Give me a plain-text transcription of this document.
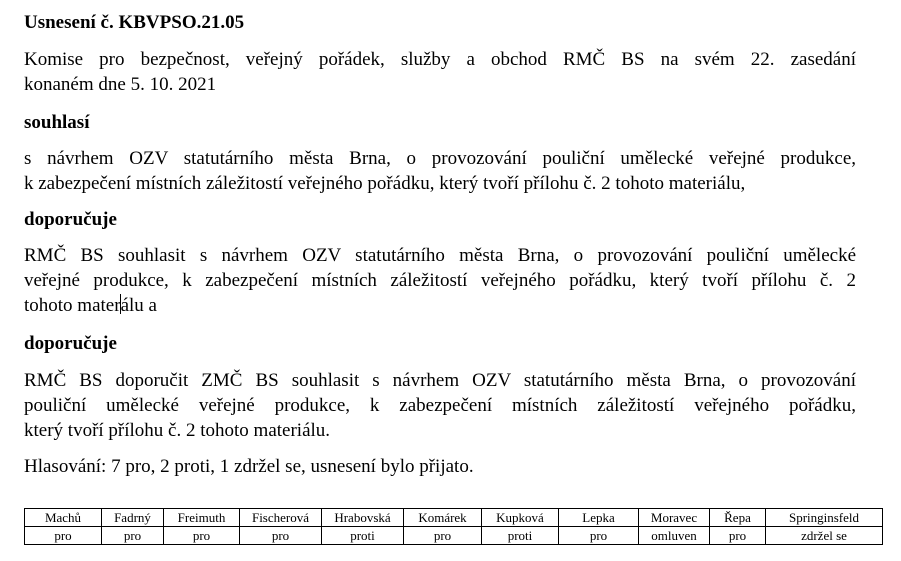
Usnesení č. KBVPSO.21.05
Komise pro bezpečnost, veřejný pořádek, služby a obchod RMČ BS na svém 22. zasedání
konaném dne 5. 10. 2021
souhlasí
s návrhem OZV statutárního města Brna, o provozování pouliční umělecké veřejné produkce,
k zabezpečení místních záležitostí veřejného pořádku, který tvoří přílohu č. 2 tohoto materiálu,
doporučuje
RMČ BS souhlasit s návrhem OZV statutárního města Brna, o provozování pouliční umělecké
veřejné produkce, k zabezpečení místních záležitostí veřejného pořádku, který tvoří přílohu č. 2
tohoto materálu a
doporučuje
RMČ BS doporučit ZMČ BS souhlasit s návrhem OZV statutárního města Brna, o provozování
pouliční umělecké veřejné produkce, k zabezpečení místních záležitostí veřejného pořádku,
který tvoří přílohu č. 2 tohoto materiálu.
Hlasování: 7 pro, 2 proti, 1 zdržel se, usnesení bylo přijato.
Machů	Fadrný	Freimuth	Fischerová	Hrabovská	Komárek	Kupková	Lepka	Moravec	Řepa	Springinsfeld
pro	pro	pro	pro	proti	pro	proti	pro	omluven	pro	zdržel se
